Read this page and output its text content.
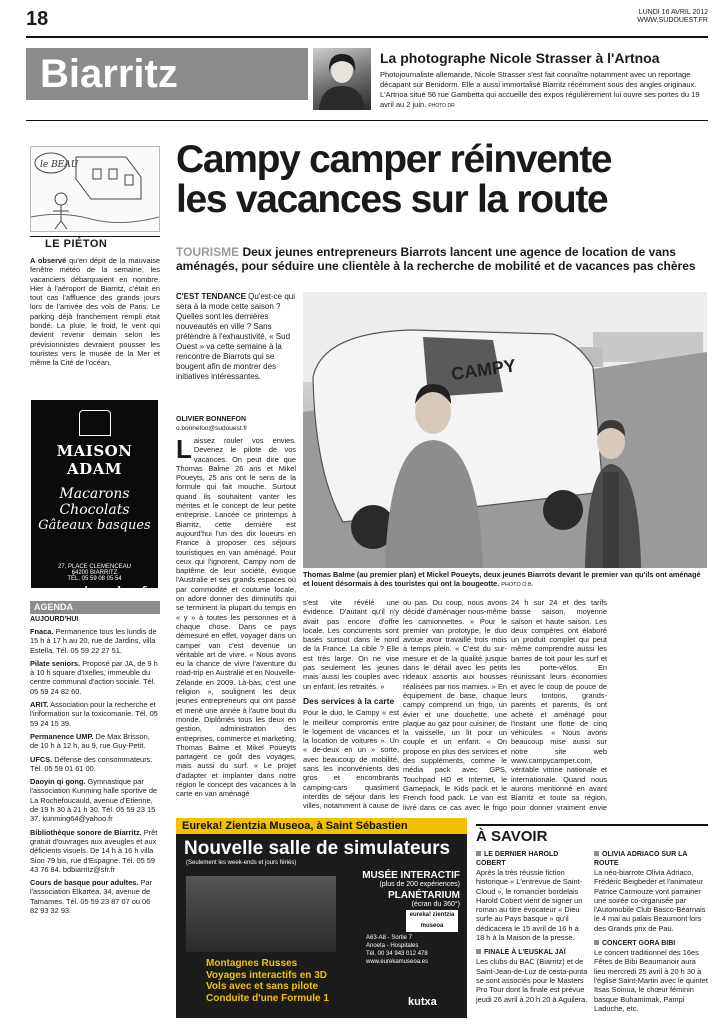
18	LUNDI 16 AVRIL 2012
WWW.SUDOUEST.FR
Biarritz	La photographe Nicole Strasser à l'Artnoa
Photojournaliste allemande, Nicole Strasser s'est fait connaître notamment avec un reportage décapant sur Benidorm. Elle a aussi immortalisé Biarritz récemment sous des angles originaux. L'Artnoa situé 56 rue Gambetta qui accueille des expos régulièrement lui ouvre ses portes du 19 avril au 2 juin. PHOTO DR
le BEAU
LE PIÉTON
A observé qu'en dépit de la mauvaise fenêtre météo de la semaine, les vacanciers débarquaient en nombre. Hier à l'aéroport de Biarritz, c'était en tout cas l'affluence des grands jours lors de l'arrivée des vols de Paris. Le parking déjà franchement rempli était bondé. La pluie, le froid, le vent qui devient revenir demain selon les prévisionnistes devraient pousser les touristes vers le musée de la Mer et même la Cité de l'océan.
MAISON ADAM
Macarons
Chocolats
Gâteaux basques
27, PLACE CLEMENCEAU
64200 BIARRITZ
TÉL. 05 59 08 05 54
www.maisonadam.fr
AGENDA
AUJOURD'HUI
Fnaca. Permanence tous les lundis de 15 h à 17 h au 20, rue de Jardins, villa Estella. Tél. 05 59 22 27 51.
Pilate seniors. Proposé par JA, de 9 h à 10 h square d'Ixelles, immeuble du centre communal d'action sociale. Tél. 05 59 24 82 60.
ARIT. Association pour la recherche et l'information sur la toxicomanie. Tél. 05 59 24 15 39.
Permanence UMP. De Max Brisson, de 10 h à 12 h, au 9, rue Guy-Petit.
UFCS. Défense des consommateurs. Tél. 05 59 01 61 00.
Daoyin qi gong. Gymnastique par l'association Kunming halle sportive de La Rochefoucauld, avenue d'Etienne, de 19 h 30 à 21 h 30. Tél. 05 59 23 15 37. kunming64@yahoo.fr
Bibliothèque sonore de Biarritz. Prêt gratuit d'ouvrages aux aveugles et aux déficients visuels. De 14 h à 16 h villa Sion 79 bis, rue d'Espagne. Tél. 05 59 43 76 84. bdbiarritz@sfr.fr
Cours de basque pour adultes. Par l'association Elkartea, 34, avenue de Tamames. Tél. 05 59 23 87 07 ou 06 82 93 32 93.
Campy camper réinvente
les vacances sur la route
TOURISME Deux jeunes entrepreneurs Biarrots lancent une agence de location de vans aménagés, pour séduire une clientèle à la recherche de mobilité et de vacances pas chères
C'EST TENDANCE Qu'est-ce qui sera à la mode cette saison ? Quelles sont les dernières nouveautés en ville ? Sans prétendre à l'exhaustivité, « Sud Ouest » va cette semaine à la rencontre de Biarrots qui se bougent afin de montrer des initiatives intéressantes.
OLIVIER BONNEFON
o.bonnefon@sudouest.fr
CAMPY
Thomas Balme (au premier plan) et Mickel Poueyts, deux jeunes Biarrots devant le premier van qu'ils ont aménagé et louent désormais à des touristes qui ont la bougeotte. PHOTO O.B.
Laissez rouler vos envies. Devenez le pilote de vos vacances. On peut dire que Thomas Balme 26 ans et Mikel Poueyts, 25 ans ont le sens de la formule qui fait mouche. Surtout quand ils souhaitent vanter les mérites et le concept de leur petite entreprise. Lancée ce printemps à Biarritz, cette dernière est aujourd'hui l'un des dix loueurs en France à proposer ces séjours touristiques en van aménagé. Pour ceux qui l'ignorent, Campy nom de baptême de leur société, évoque l'Australie et ses grands espaces où par commodité et coutume locale, on adore donner des diminutifs qui se terminent la plupart du temps en « y » à toutes les personnes et à chaque chose. Dans ce pays démesuré en effet, voyager dans un camper van c'est devenue un véritable art de vivre. « Nous avons eu la chance de vivre l'aventure du road-trip en Australie et en Nouvelle-Zélande en 2009. Là-bas, c'est une religion », soulignent les deux jeunes entrepreneurs qui ont passé et mené une année à l'autre bout du monde. Diplômés tous les deux en gestion, administration des entreprises, commerce et marketing, Thomas Balme et Mikel Poueyts partagent ce goût des voyages, mais aussi du surf. « Le projet d'adapter et implanter dans notre région le concept des vacances à la carte en van aménagé
s'est vite révélé une évidence. D'autant qu'il n'y avait pas encore d'offre locale. Les concurrents sont basés surtout dans le nord de la France. La cible ? Elle est très large. On ne vise pas seulement les jeunes mais aussi les couples avec un enfant, les retraités. »
Des services à la carte
Pour le duo, le Campy « est le meilleur compromis entre le logement de vacances et la location de voitures ». Un « de-deux en un » sorte, avec beaucoup de mobilité, sans les inconvénients des gros et encombrants camping-cars quasiment interdits de séjour dans les villes, notamment à cause de
ou pas. Du coup, nous avons décidé d'aménager nous-même les camionnettes. » Pour le premier van prototype, le duo avoue avoir travaillé trois mois à temps plein. « C'est du sur-mesure et de la qualité jusque dans le détail avec les petits rideaux assortis aux housses réalisées par nos mamies. » En équipement de base, chaque campy comprend un frigo, un évier et une douchette, une plaque au gaz pour cuisiner, de la vaisselle, un lit pour un couple et un enfant. « On propose en plus des services et des suppléments, comme le média pack avec GPS, Touchpad HD et Internet, le Gamepack, le Kids pack et le French food pack. Le van est livré dans ce cas avec le frigo
24 h sur 24 et des tarifs basse saison, moyenne saison et haute saison. Les deux compères ont élaboré un produit complet qui peut même comprendre aussi les barres de toit pour les surf et les porte-vélos. En réunissant leurs économies et avec le coup de pouce de leurs tontons, grands-parents et parents, ils ont acheté et aménagé pour l'instant une flotte de cinq véhicules. « Nous avons beaucoup mise aussi sur notre site web www.campycamper.com, véritable vitrine nationale et internationale. Quand nous aurons mentionné en avant Biarritz et toute sa région, pour donner vraiment envie
Eureka! Zientzia Museoa, à Saint Sébastien
Nouvelle salle de simulateurs
(Seulement les week-ends et jours fériés)
MUSÉE INTERACTIF
(plus de 200 expériences)
PLANÉTARIUM
(écran du 360°)
A63-A8 - Sortie 7
Anoeta - Hospitales
Tél. 00 34 943 012 478
www.eurekamuseoa.es
eureka! zientzia museoa
Montagnes Russes
Voyages interactifs en 3D
Vols avec et sans pilote
Conduite d'une Formule 1	kutxa
À SAVOIR
LE DERNIER HAROLD COBERT
Après la très réussie fiction historique « L'entrevue de Saint-Cloud », le romancier bordelais Harold Cobert vient de signer un roman au titre évocateur « Dieu surfe au Pays basque » qu'il dédicacera le 15 avril de 16 h à 18 h à la Maison de la presse.
FINALE À L'EUSKAL JAÏ
Les clubs du BAC (Biarritz) et de Saint-Jean-de-Luz de cesta-punta se sont associés pour le Masters Pro Tour dont la finale est prévue jeudi 26 avril à 20 h 20 à Aguilera.
OLIVIA ADRIACO SUR LA ROUTE
La néo-biarrote Olivia Adriaco, Frédéric Beigbeder et l'animateur Patrice Carmouze vont parrainer une soirée co-organisée par l'Automobile Club Basco-Béarnais le 4 mai au palais Beaumont lors des Grands prix de Pau.
CONCERT GORA BIBI
Le concert traditionnel des 16es Fêtes de Bibi Beaumanoir aura lieu mercredi 25 avril à 20 h 30 à l'église Saint-Martin avec le quintet Itsas Soinua, le chœur féminin basque Buhamimak, Pampi Laduche, etc.
